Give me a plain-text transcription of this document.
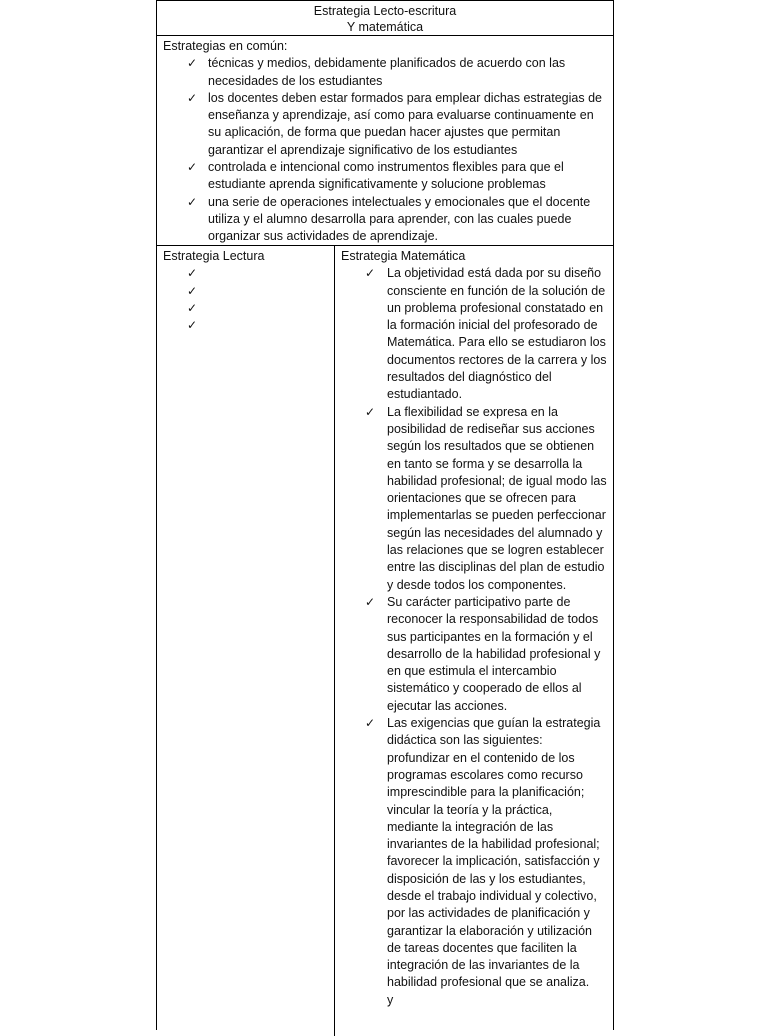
Estrategia Lecto-escritura
Y matemática

Estrategias en común:

✓ técnicas y medios, debidamente planificados de acuerdo con las necesidades de los estudiantes
✓ los docentes deben estar formados para emplear dichas estrategias de enseñanza y aprendizaje, así como para evaluarse continuamente en su aplicación, de forma que puedan hacer ajustes que permitan garantizar el aprendizaje significativo de los estudiantes
✓ controlada e intencional como instrumentos flexibles para que el estudiante aprenda significativamente y solucione problemas
✓ una serie de operaciones intelectuales y emocionales que el docente utiliza y el alumno desarrolla para aprender, con las cuales puede organizar sus actividades de aprendizaje.
Estrategia Lectura
✓
✓
✓
✓
Estrategia Matemática
✓ La objetividad está dada por su diseño consciente en función de la solución de un problema profesional constatado en la formación inicial del profesorado de Matemática. Para ello se estudiaron los documentos rectores de la carrera y los resultados del diagnóstico del estudiantado.
✓ La flexibilidad se expresa en la posibilidad de rediseñar sus acciones según los resultados que se obtienen en tanto se forma y se desarrolla la habilidad profesional; de igual modo las orientaciones que se ofrecen para implementarlas se pueden perfeccionar según las necesidades del alumnado y las relaciones que se logren establecer entre las disciplinas del plan de estudio y desde todos los componentes.
✓ Su carácter participativo parte de reconocer la responsabilidad de todos sus participantes en la formación y el desarrollo de la habilidad profesional y en que estimula el intercambio sistemático y cooperado de ellos al ejecutar las acciones.
✓ Las exigencias que guían la estrategia didáctica son las siguientes: profundizar en el contenido de los programas escolares como recurso imprescindible para la planificación; vincular la teoría y la práctica, mediante la integración de las invariantes de la habilidad profesional; favorecer la implicación, satisfacción y disposición de las y los estudiantes, desde el trabajo individual y colectivo, por las actividades de planificación y garantizar la elaboración y utilización de tareas docentes que faciliten la integración de las invariantes de la habilidad profesional que se analiza.
y
